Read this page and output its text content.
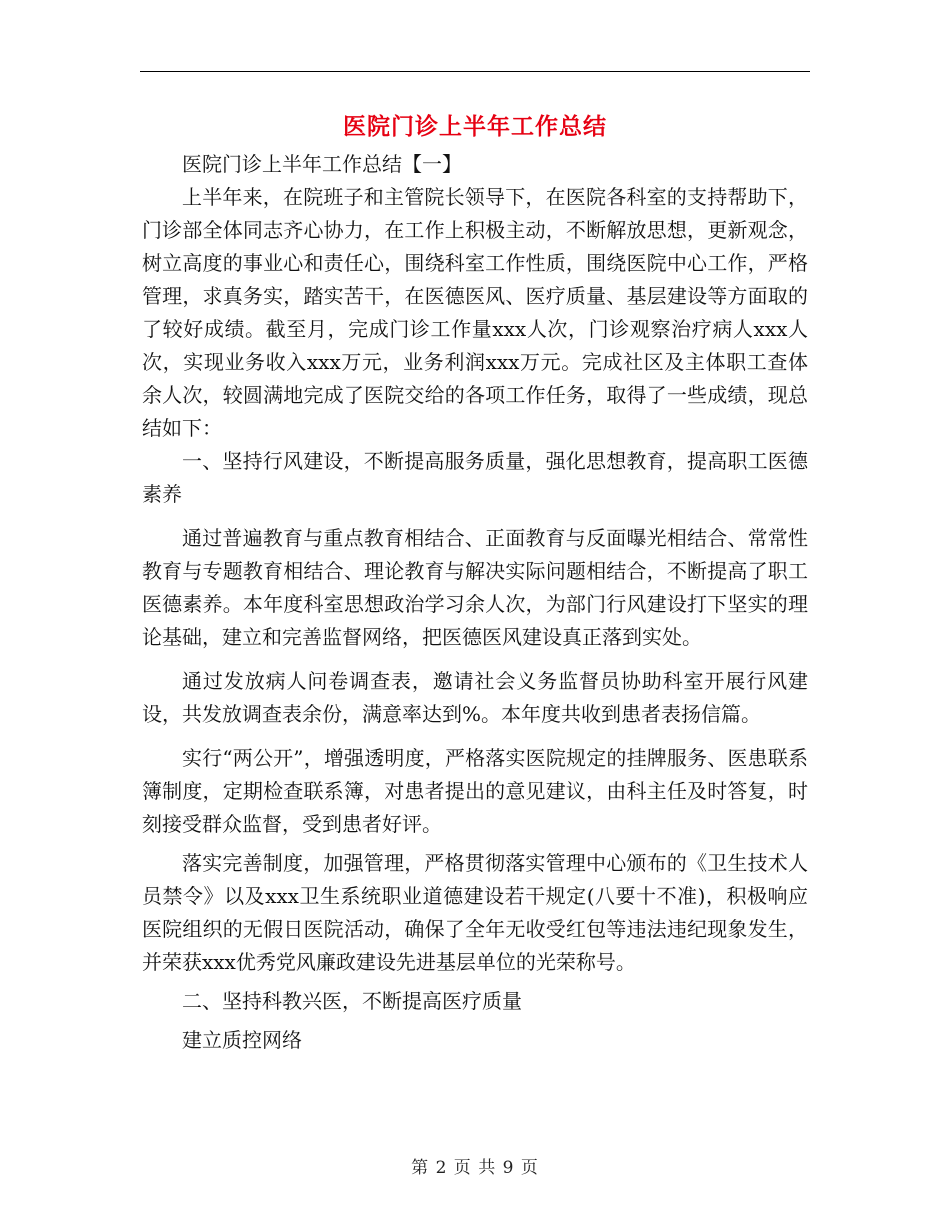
医院门诊上半年工作总结

医院门诊上半年工作总结【一】

上半年来，在院班子和主管院长领导下，在医院各科室的支持帮助下，门诊部全体同志齐心协力，在工作上积极主动，不断解放思想，更新观念，树立高度的事业心和责任心，围绕科室工作性质，围绕医院中心工作，严格管理，求真务实，踏实苦干，在医德医风、医疗质量、基层建设等方面取的了较好成绩。截至月，完成门诊工作量xxx人次，门诊观察治疗病人xxx人次，实现业务收入xxx万元，业务利润xxx万元。完成社区及主体职工查体余人次，较圆满地完成了医院交给的各项工作任务，取得了一些成绩，现总结如下：

一、坚持行风建设，不断提高服务质量，强化思想教育，提高职工医德素养

通过普遍教育与重点教育相结合、正面教育与反面曝光相结合、常常性教育与专题教育相结合、理论教育与解决实际问题相结合，不断提高了职工医德素养。本年度科室思想政治学习余人次，为部门行风建设打下坚实的理论基础，建立和完善监督网络，把医德医风建设真正落到实处。

通过发放病人问卷调查表，邀请社会义务监督员协助科室开展行风建设，共发放调查表余份，满意率达到%。本年度共收到患者表扬信篇。

实行“两公开”，增强透明度，严格落实医院规定的挂牌服务、医患联系簿制度，定期检查联系簿，对患者提出的意见建议，由科主任及时答复，时刻接受群众监督，受到患者好评。

落实完善制度，加强管理，严格贯彻落实管理中心颁布的《卫生技术人员禁令》以及xxx卫生系统职业道德建设若干规定(八要十不准)，积极响应医院组织的无假日医院活动，确保了全年无收受红包等违法违纪现象发生，并荣获xxx优秀党风廉政建设先进基层单位的光荣称号。

二、坚持科教兴医，不断提高医疗质量

建立质控网络

第 2 页 共 9 页
